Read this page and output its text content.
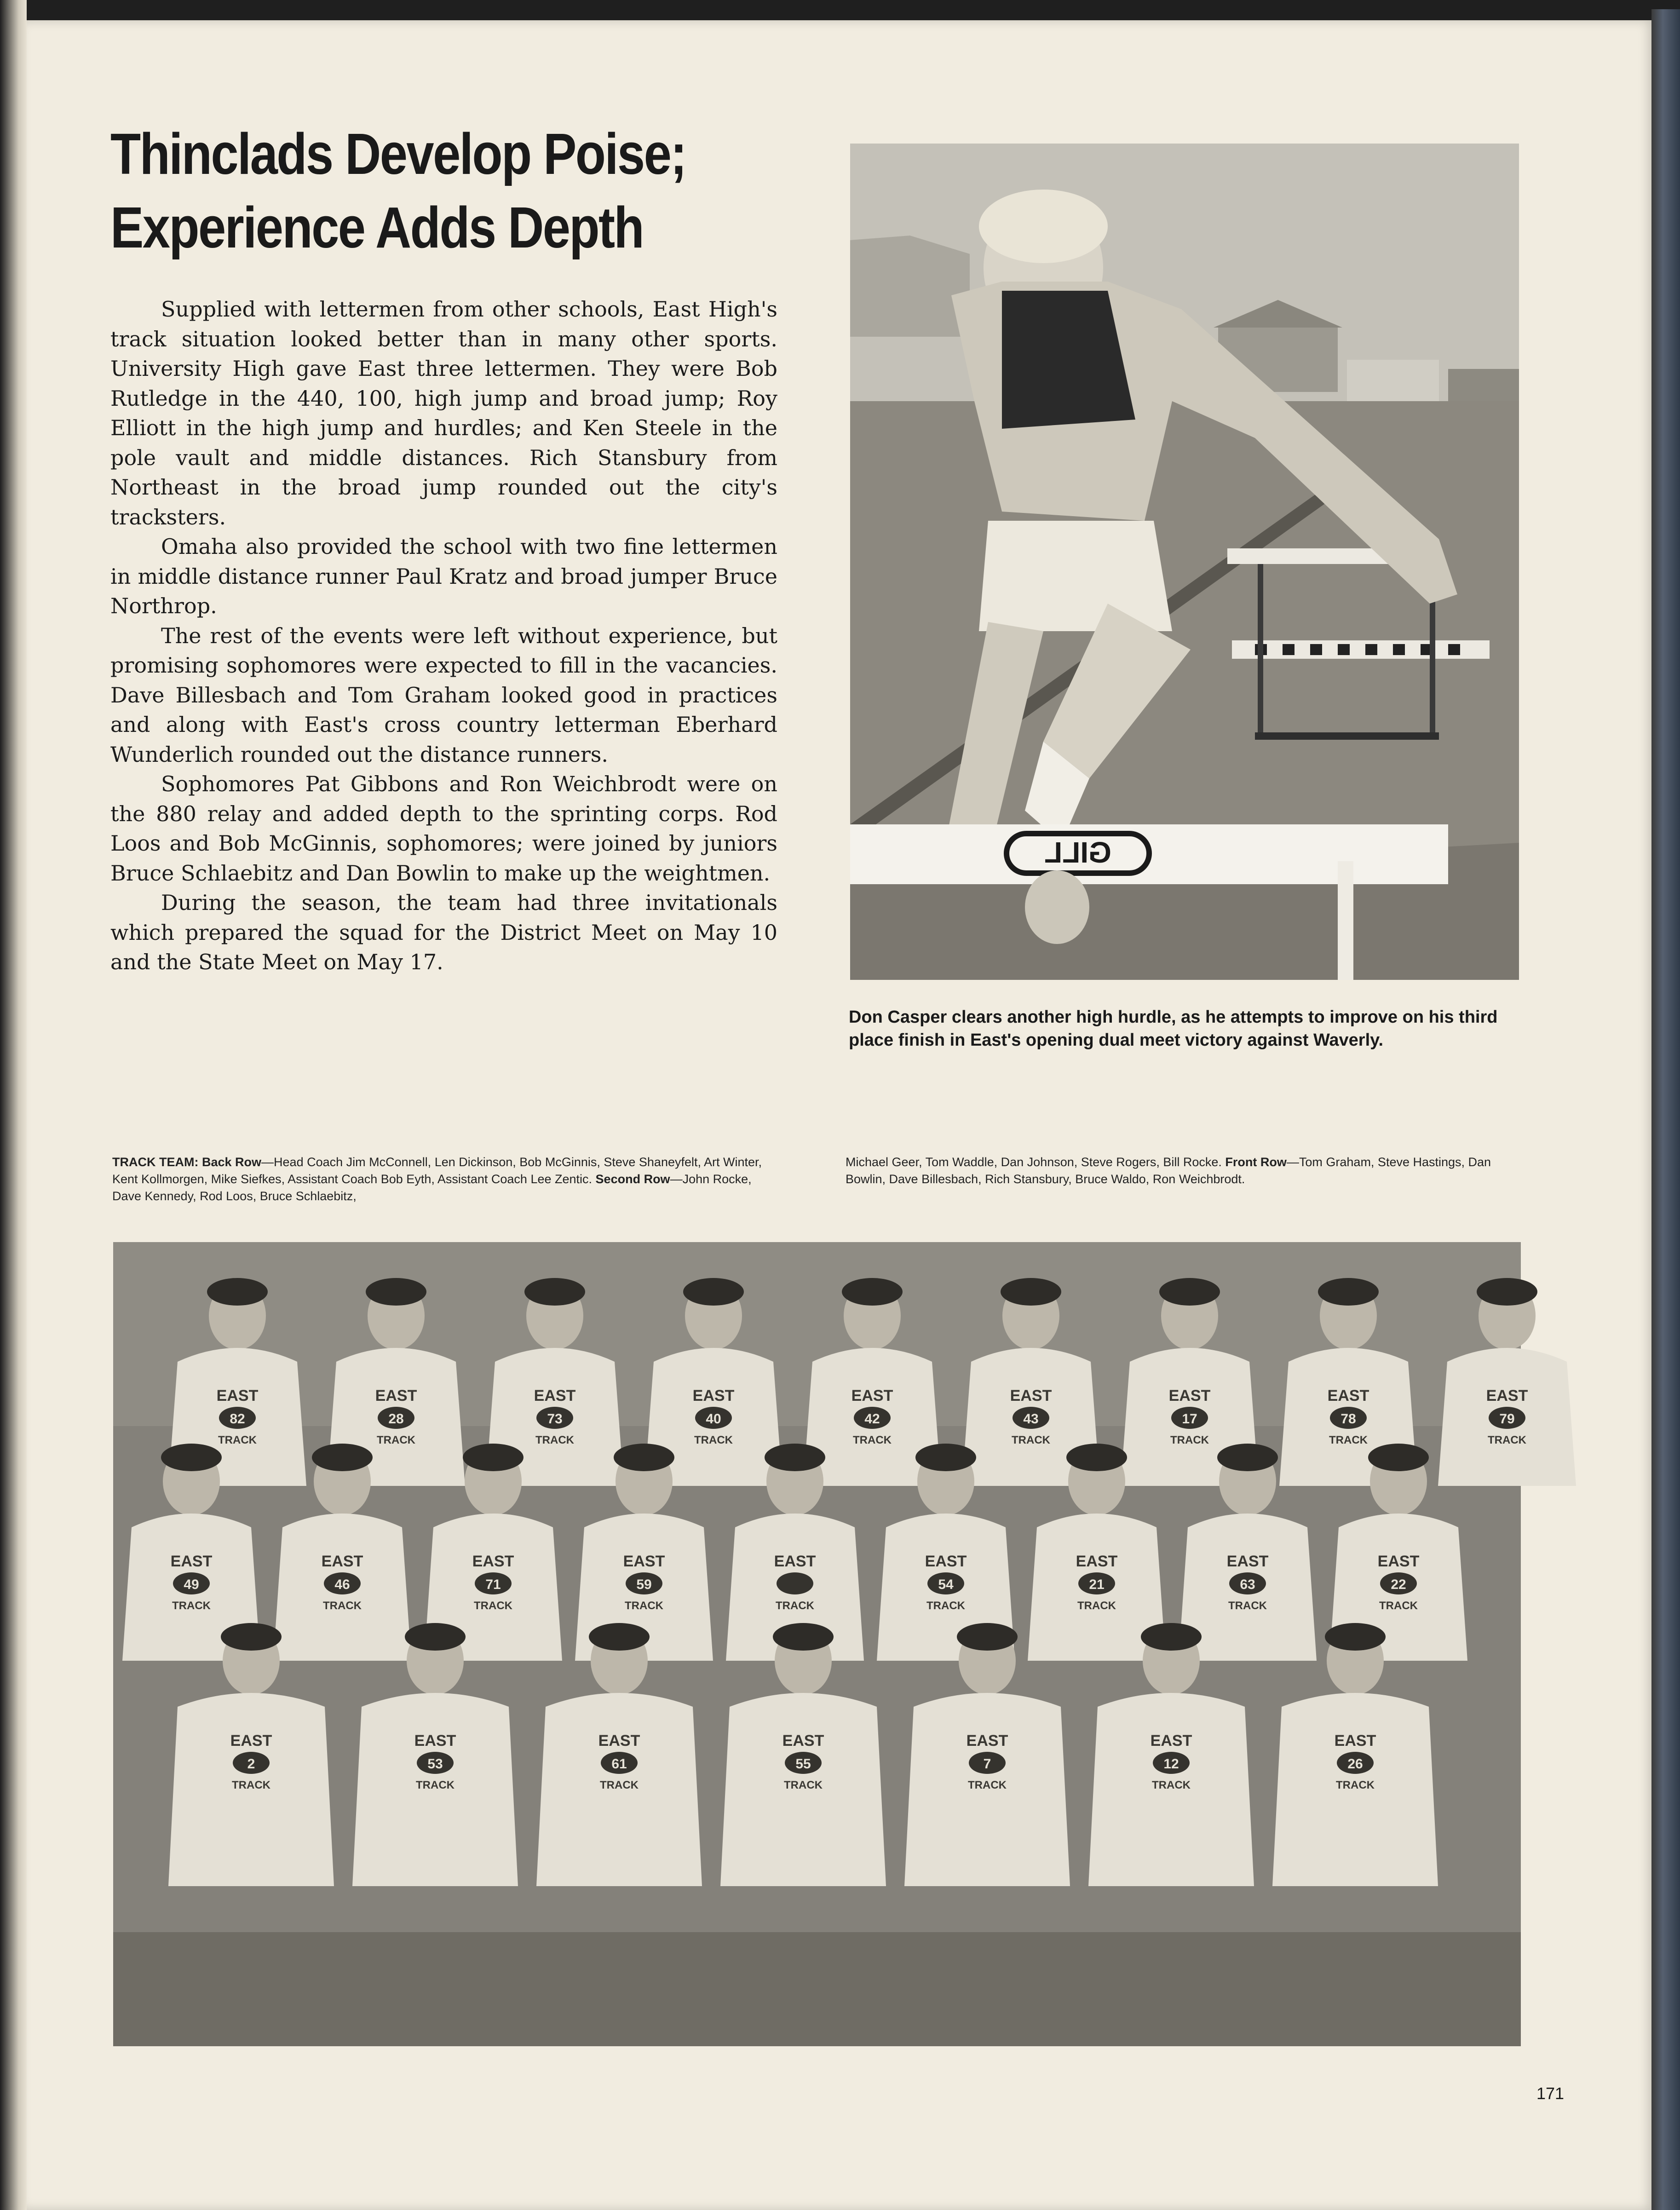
Thinclads Develop Poise;
Experience Adds Depth

Supplied with lettermen from other schools, East High's track situation looked better than in many other sports. University High gave East three lettermen. They were Bob Rutledge in the 440, 100, high jump and broad jump; Roy Elliott in the high jump and hurdles; and Ken Steele in the pole vault and middle distances. Rich Stansbury from Northeast in the broad jump rounded out the city's tracksters.

Omaha also provided the school with two fine lettermen in middle distance runner Paul Kratz and broad jumper Bruce Northrop.

The rest of the events were left without experience, but promising sophomores were expected to fill in the vacancies. Dave Billesbach and Tom Graham looked good in practices and along with East's cross country letterman Eberhard Wunderlich rounded out the distance runners.

Sophomores Pat Gibbons and Ron Weichbrodt were on the 880 relay and added depth to the sprinting corps. Rod Loos and Bob McGinnis, sophomores; were joined by juniors Bruce Schlaebitz and Dan Bowlin to make up the weightmen.

During the season, the team had three invitationals which prepared the squad for the District Meet on May 10 and the State Meet on May 17.

GILL
Don Casper clears another high hurdle, as he attempts to improve on his third place finish in East's opening dual meet victory against Waverly.
TRACK TEAM: Back Row—Head Coach Jim McConnell, Len Dickinson, Bob McGinnis, Steve Shaneyfelt, Art Winter, Kent Kollmorgen, Mike Siefkes, Assistant Coach Bob Eyth, Assistant Coach Lee Zentic. Second Row—John Rocke, Dave Kennedy, Rod Loos, Bruce Schlaebitz,
Michael Geer, Tom Waddle, Dan Johnson, Steve Rogers, Bill Rocke. Front Row—Tom Graham, Steve Hastings, Dan Bowlin, Dave Billesbach, Rich Stansbury, Bruce Waldo, Ron Weichbrodt.
EAST
82
TRACK
EAST
28
TRACK
EAST
73
TRACK
EAST
40
TRACK
EAST
42
TRACK
EAST
43
TRACK
EAST
17
TRACK
EAST
78
TRACK
EAST
79
TRACK
EAST
49
TRACK
EAST
46
TRACK
EAST
71
TRACK
EAST
59
TRACK
EAST
TRACK
EAST
54
TRACK
EAST
21
TRACK
EAST
63
TRACK
EAST
22
TRACK
EAST
2
TRACK
EAST
53
TRACK
EAST
61
TRACK
EAST
55
TRACK
EAST
7
TRACK
EAST
12
TRACK
EAST
26
TRACK
171
